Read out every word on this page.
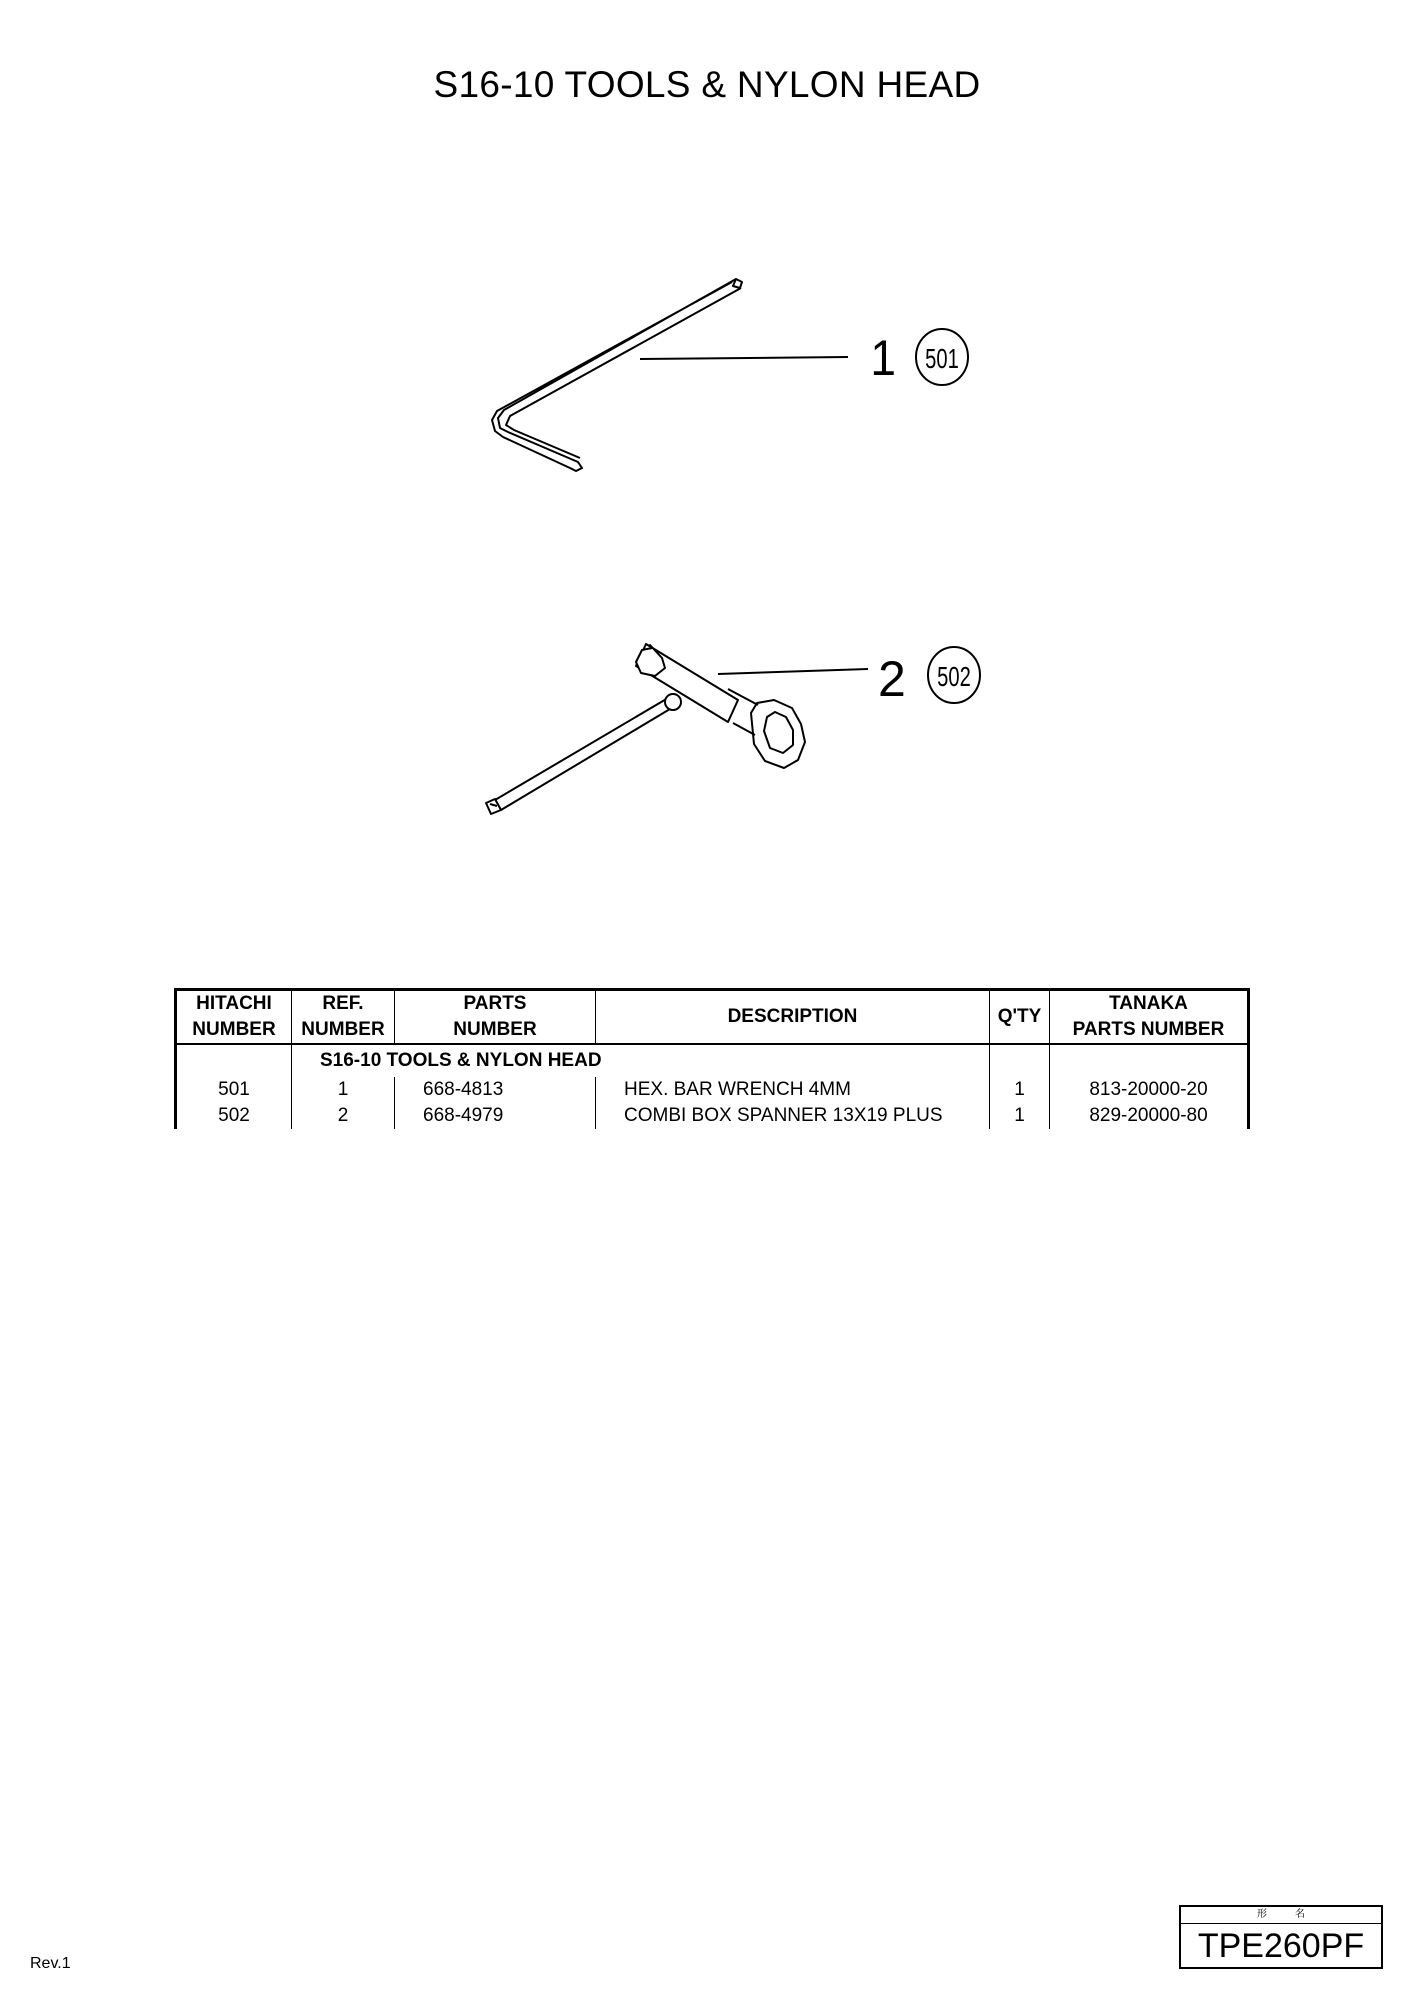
S16-10 TOOLS & NYLON HEAD
1 501
2 502
HITACHI	REF.	PARTS	DESCRIPTION	Q'TY	TANAKA
NUMBER	NUMBER	NUMBER			PARTS NUMBER
	S16-10 TOOLS & NYLON HEAD				
501	1	668-4813	HEX. BAR WRENCH 4MM	1	813-20000-20
502	2	668-4979	COMBI BOX SPANNER 13X19 PLUS	1	829-20000-80
Rev.1
形名
TPE260PF
